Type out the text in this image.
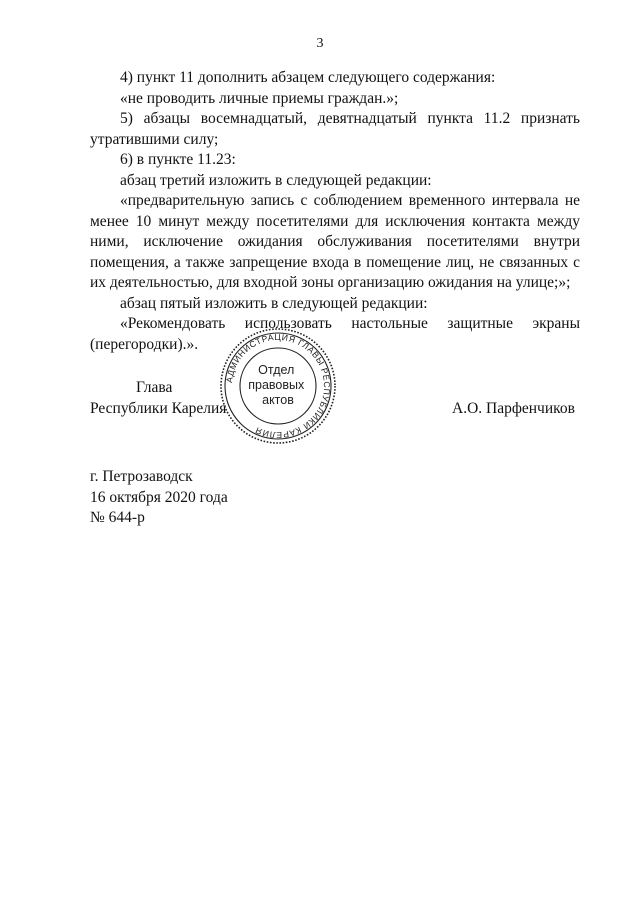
3

4) пункт 11 дополнить абзацем следующего содержания:

«не проводить личные приемы граждан.»;

5) абзацы восемнадцатый, девятнадцатый пункта 11.2 признать утратившими силу;

6) в пункте 11.23:

абзац третий изложить в следующей редакции:

«предварительную запись с соблюдением временного интервала не менее 10 минут между посетителями для исключения контакта между ними, исключение ожидания обслуживания посетителями внутри помещения, а также запрещение входа в помещение лиц, не связанных с их деятельностью, для входной зоны организацию ожидания на улице;»;

абзац пятый изложить в следующей редакции:

«Рекомендовать использовать настольные защитные экраны (перегородки).».

Глава
Республики Карелия	А.О. Парфенчиков
АДМИНИСТРАЦИЯ ГЛАВЫ РЕСПУБЛИКИ КАРЕЛИЯ
Отдел правовых актов
г. Петрозаводск
16 октября 2020 года
№ 644-р
